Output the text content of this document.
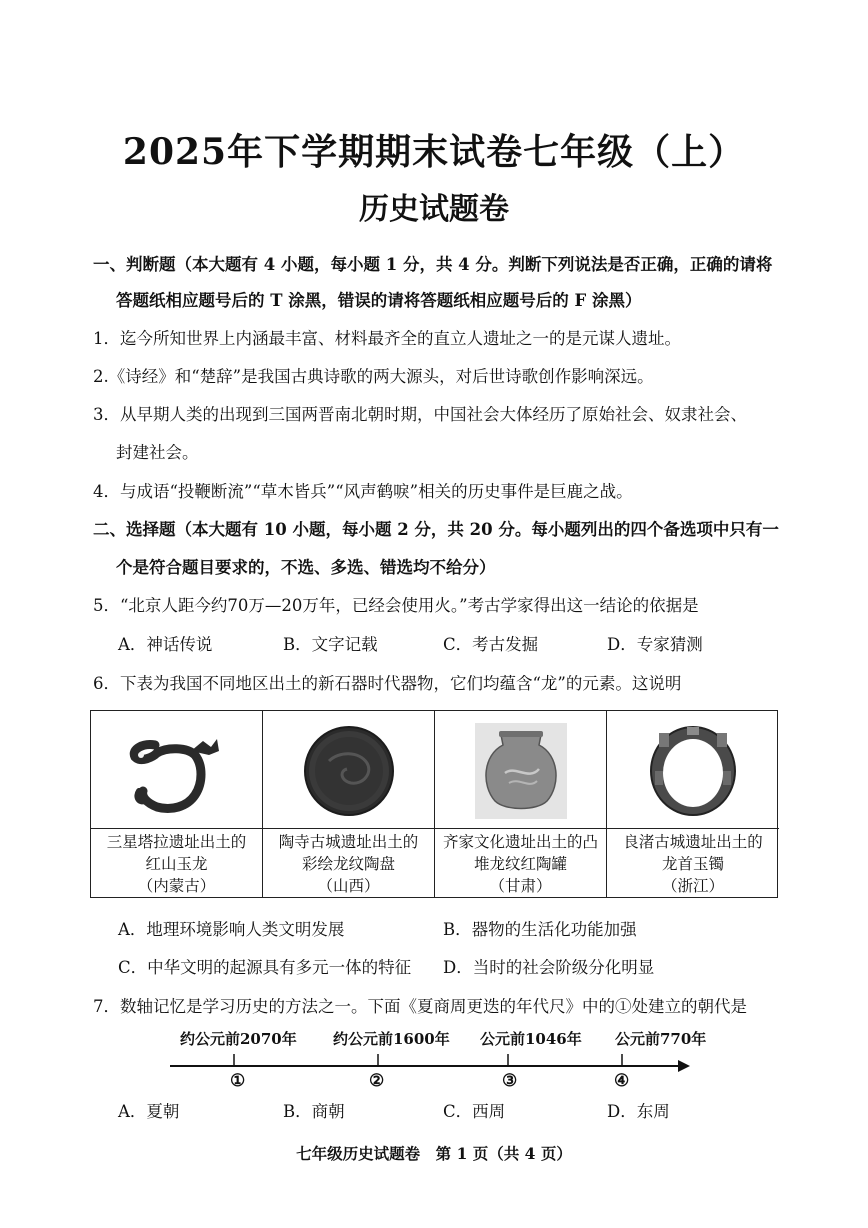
2025年下学期期末试卷七年级（上）
历史试题卷
一、判断题（本大题有 4 小题，每小题 1 分，共 4 分。判断下列说法是否正确，正确的请将
答题纸相应题号后的 T 涂黑，错误的请将答题纸相应题号后的 F 涂黑）
1．迄今所知世界上内涵最丰富、材料最齐全的直立人遗址之一的是元谋人遗址。
2.《诗经》和“楚辞”是我国古典诗歌的两大源头，对后世诗歌创作影响深远。
3．从早期人类的出现到三国两晋南北朝时期，中国社会大体经历了原始社会、奴隶社会、
封建社会。
4．与成语“投鞭断流”“草木皆兵”“风声鹤唳”相关的历史事件是巨鹿之战。
二、选择题（本大题有 10 小题，每小题 2 分，共 20 分。每小题列出的四个备选项中只有一
个是符合题目要求的，不选、多选、错选均不给分）
5．“北京人距今约70万—20万年，已经会使用火。”考古学家得出这一结论的依据是
A．神话传说	B．文字记载	C．考古发掘	D．专家猜测
6．下表为我国不同地区出土的新石器时代器物，它们均蕴含“龙”的元素。这说明
三星塔拉遗址出土的
红山玉龙
（内蒙古）
陶寺古城遗址出土的
彩绘龙纹陶盘
（山西）
齐家文化遗址出土的凸
堆龙纹红陶罐
（甘肃）
良渚古城遗址出土的
龙首玉镯
（浙江）
A．地理环境影响人类文明发展	B．器物的生活化功能加强
C．中华文明的起源具有多元一体的特征 D．当时的社会阶级分化明显
7．数轴记忆是学习历史的方法之一。下面《夏商周更迭的年代尺》中的①处建立的朝代是
约公元前2070年 约公元前1600年 公元前1046年 公元前770年
①	②	③	④
A．夏朝	B．商朝	C．西周	D．东周
七年级历史试题卷　第 1 页（共 4 页）
